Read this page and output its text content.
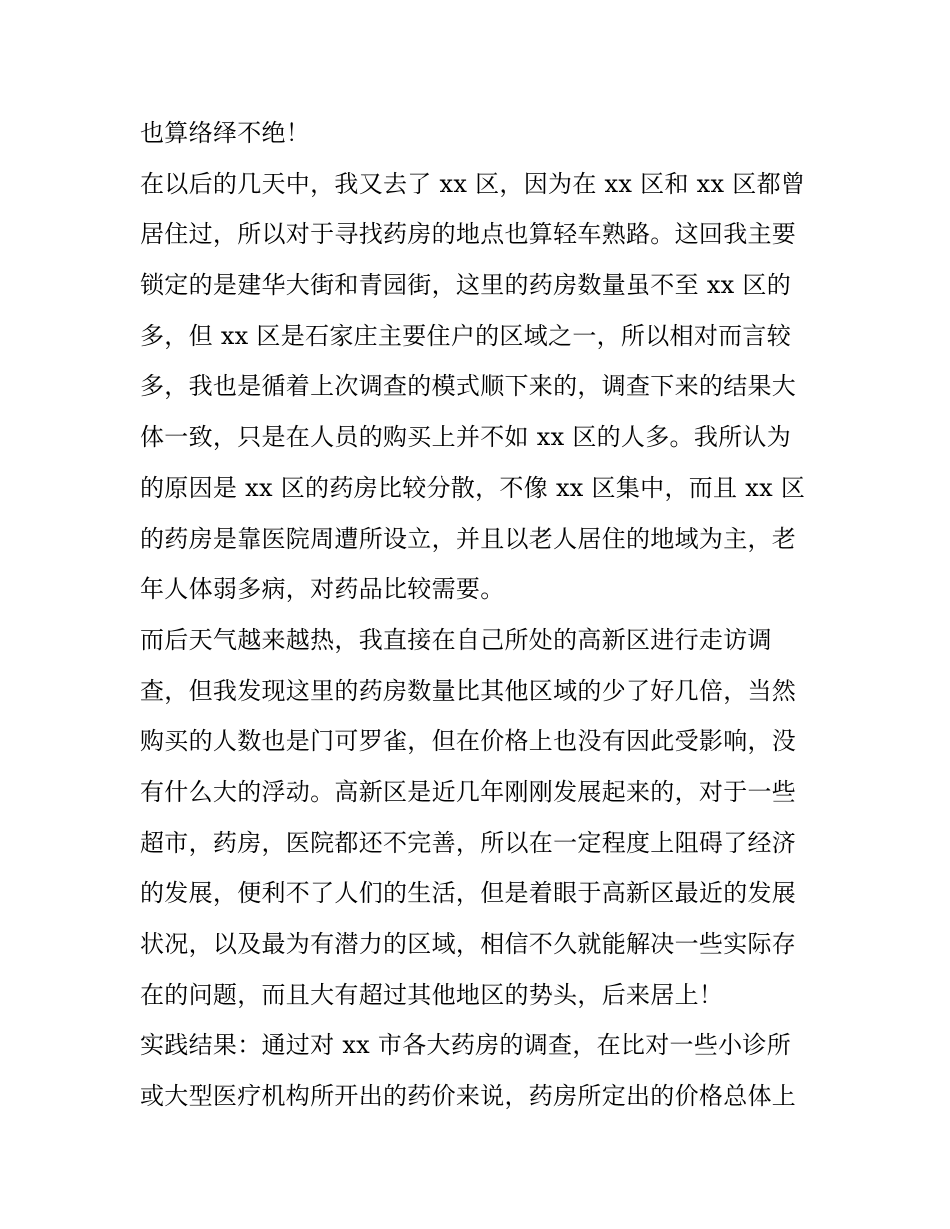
也算络绎不绝！
在以后的几天中，我又去了 xx 区，因为在 xx 区和 xx 区都曾
居住过，所以对于寻找药房的地点也算轻车熟路。这回我主要
锁定的是建华大街和青园街，这里的药房数量虽不至 xx 区的
多，但 xx 区是石家庄主要住户的区域之一，所以相对而言较
多，我也是循着上次调查的模式顺下来的，调查下来的结果大
体一致，只是在人员的购买上并不如 xx 区的人多。我所认为
的原因是 xx 区的药房比较分散，不像 xx 区集中，而且 xx 区
的药房是靠医院周遭所设立，并且以老人居住的地域为主，老
年人体弱多病，对药品比较需要。
而后天气越来越热，我直接在自己所处的高新区进行走访调
查，但我发现这里的药房数量比其他区域的少了好几倍，当然
购买的人数也是门可罗雀，但在价格上也没有因此受影响，没
有什么大的浮动。高新区是近几年刚刚发展起来的，对于一些
超市，药房，医院都还不完善，所以在一定程度上阻碍了经济
的发展，便利不了人们的生活，但是着眼于高新区最近的发展
状况，以及最为有潜力的区域，相信不久就能解决一些实际存
在的问题，而且大有超过其他地区的势头，后来居上！
实践结果：通过对 xx 市各大药房的调查，在比对一些小诊所
或大型医疗机构所开出的药价来说，药房所定出的价格总体上
